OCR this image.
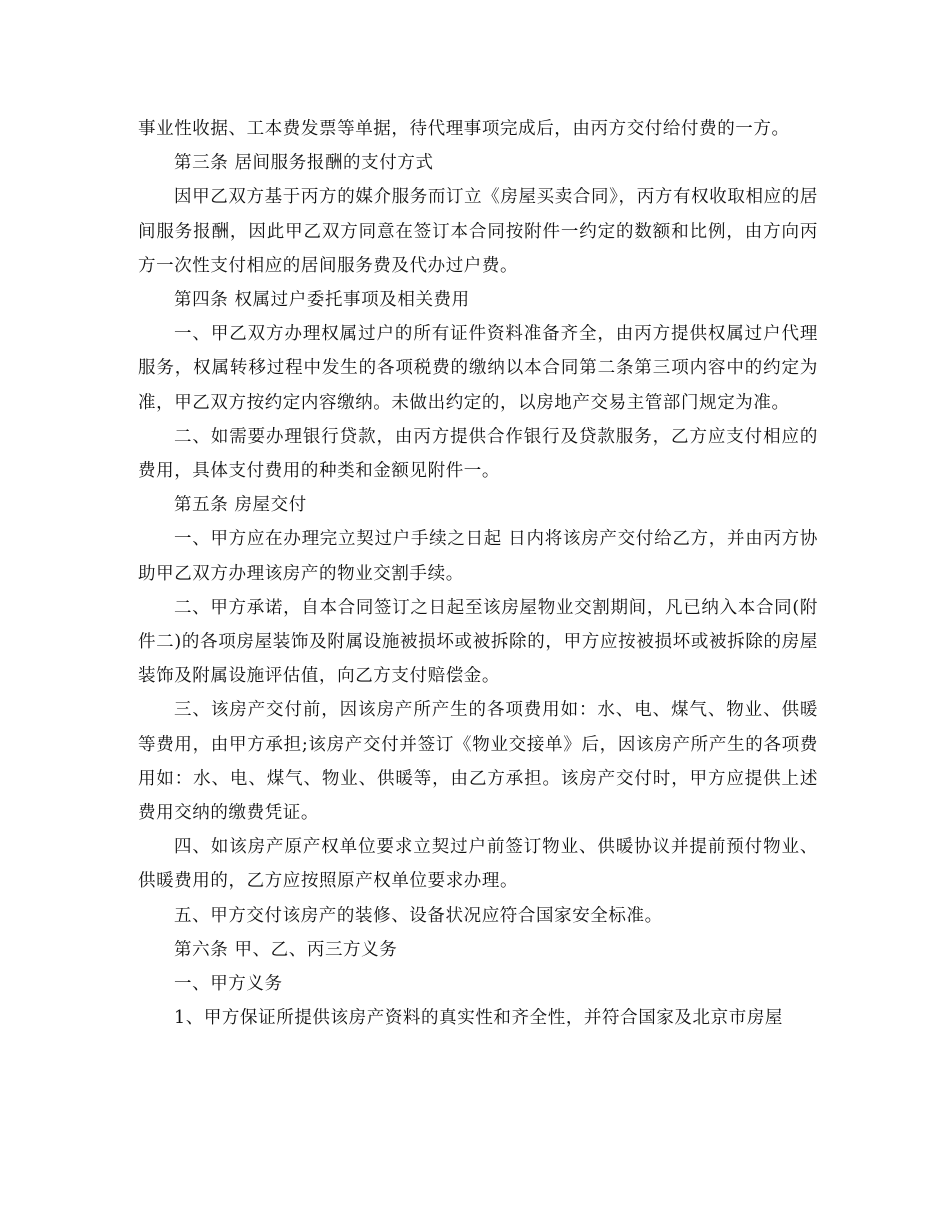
事业性收据、工本费发票等单据，待代理事项完成后，由丙方交付给付费的一方。

第三条 居间服务报酬的支付方式

因甲乙双方基于丙方的媒介服务而订立《房屋买卖合同》，丙方有权收取相应的居间服务报酬，因此甲乙双方同意在签订本合同按附件一约定的数额和比例，由方向丙方一次性支付相应的居间服务费及代办过户费。

第四条 权属过户委托事项及相关费用

一、甲乙双方办理权属过户的所有证件资料准备齐全，由丙方提供权属过户代理服务，权属转移过程中发生的各项税费的缴纳以本合同第二条第三项内容中的约定为准，甲乙双方按约定内容缴纳。未做出约定的，以房地产交易主管部门规定为准。

二、如需要办理银行贷款，由丙方提供合作银行及贷款服务，乙方应支付相应的费用，具体支付费用的种类和金额见附件一。

第五条 房屋交付

一、甲方应在办理完立契过户手续之日起 日内将该房产交付给乙方，并由丙方协助甲乙双方办理该房产的物业交割手续。

二、甲方承诺，自本合同签订之日起至该房屋物业交割期间，凡已纳入本合同(附件二)的各项房屋装饰及附属设施被损坏或被拆除的，甲方应按被损坏或被拆除的房屋装饰及附属设施评估值，向乙方支付赔偿金。

三、该房产交付前，因该房产所产生的各项费用如：水、电、煤气、物业、供暖等费用，由甲方承担;该房产交付并签订《物业交接单》后，因该房产所产生的各项费用如：水、电、煤气、物业、供暖等，由乙方承担。该房产交付时，甲方应提供上述费用交纳的缴费凭证。

四、如该房产原产权单位要求立契过户前签订物业、供暖协议并提前预付物业、供暖费用的，乙方应按照原产权单位要求办理。

五、甲方交付该房产的装修、设备状况应符合国家安全标准。

第六条 甲、乙、丙三方义务

一、甲方义务

1、甲方保证所提供该房产资料的真实性和齐全性，并符合国家及北京市房屋
